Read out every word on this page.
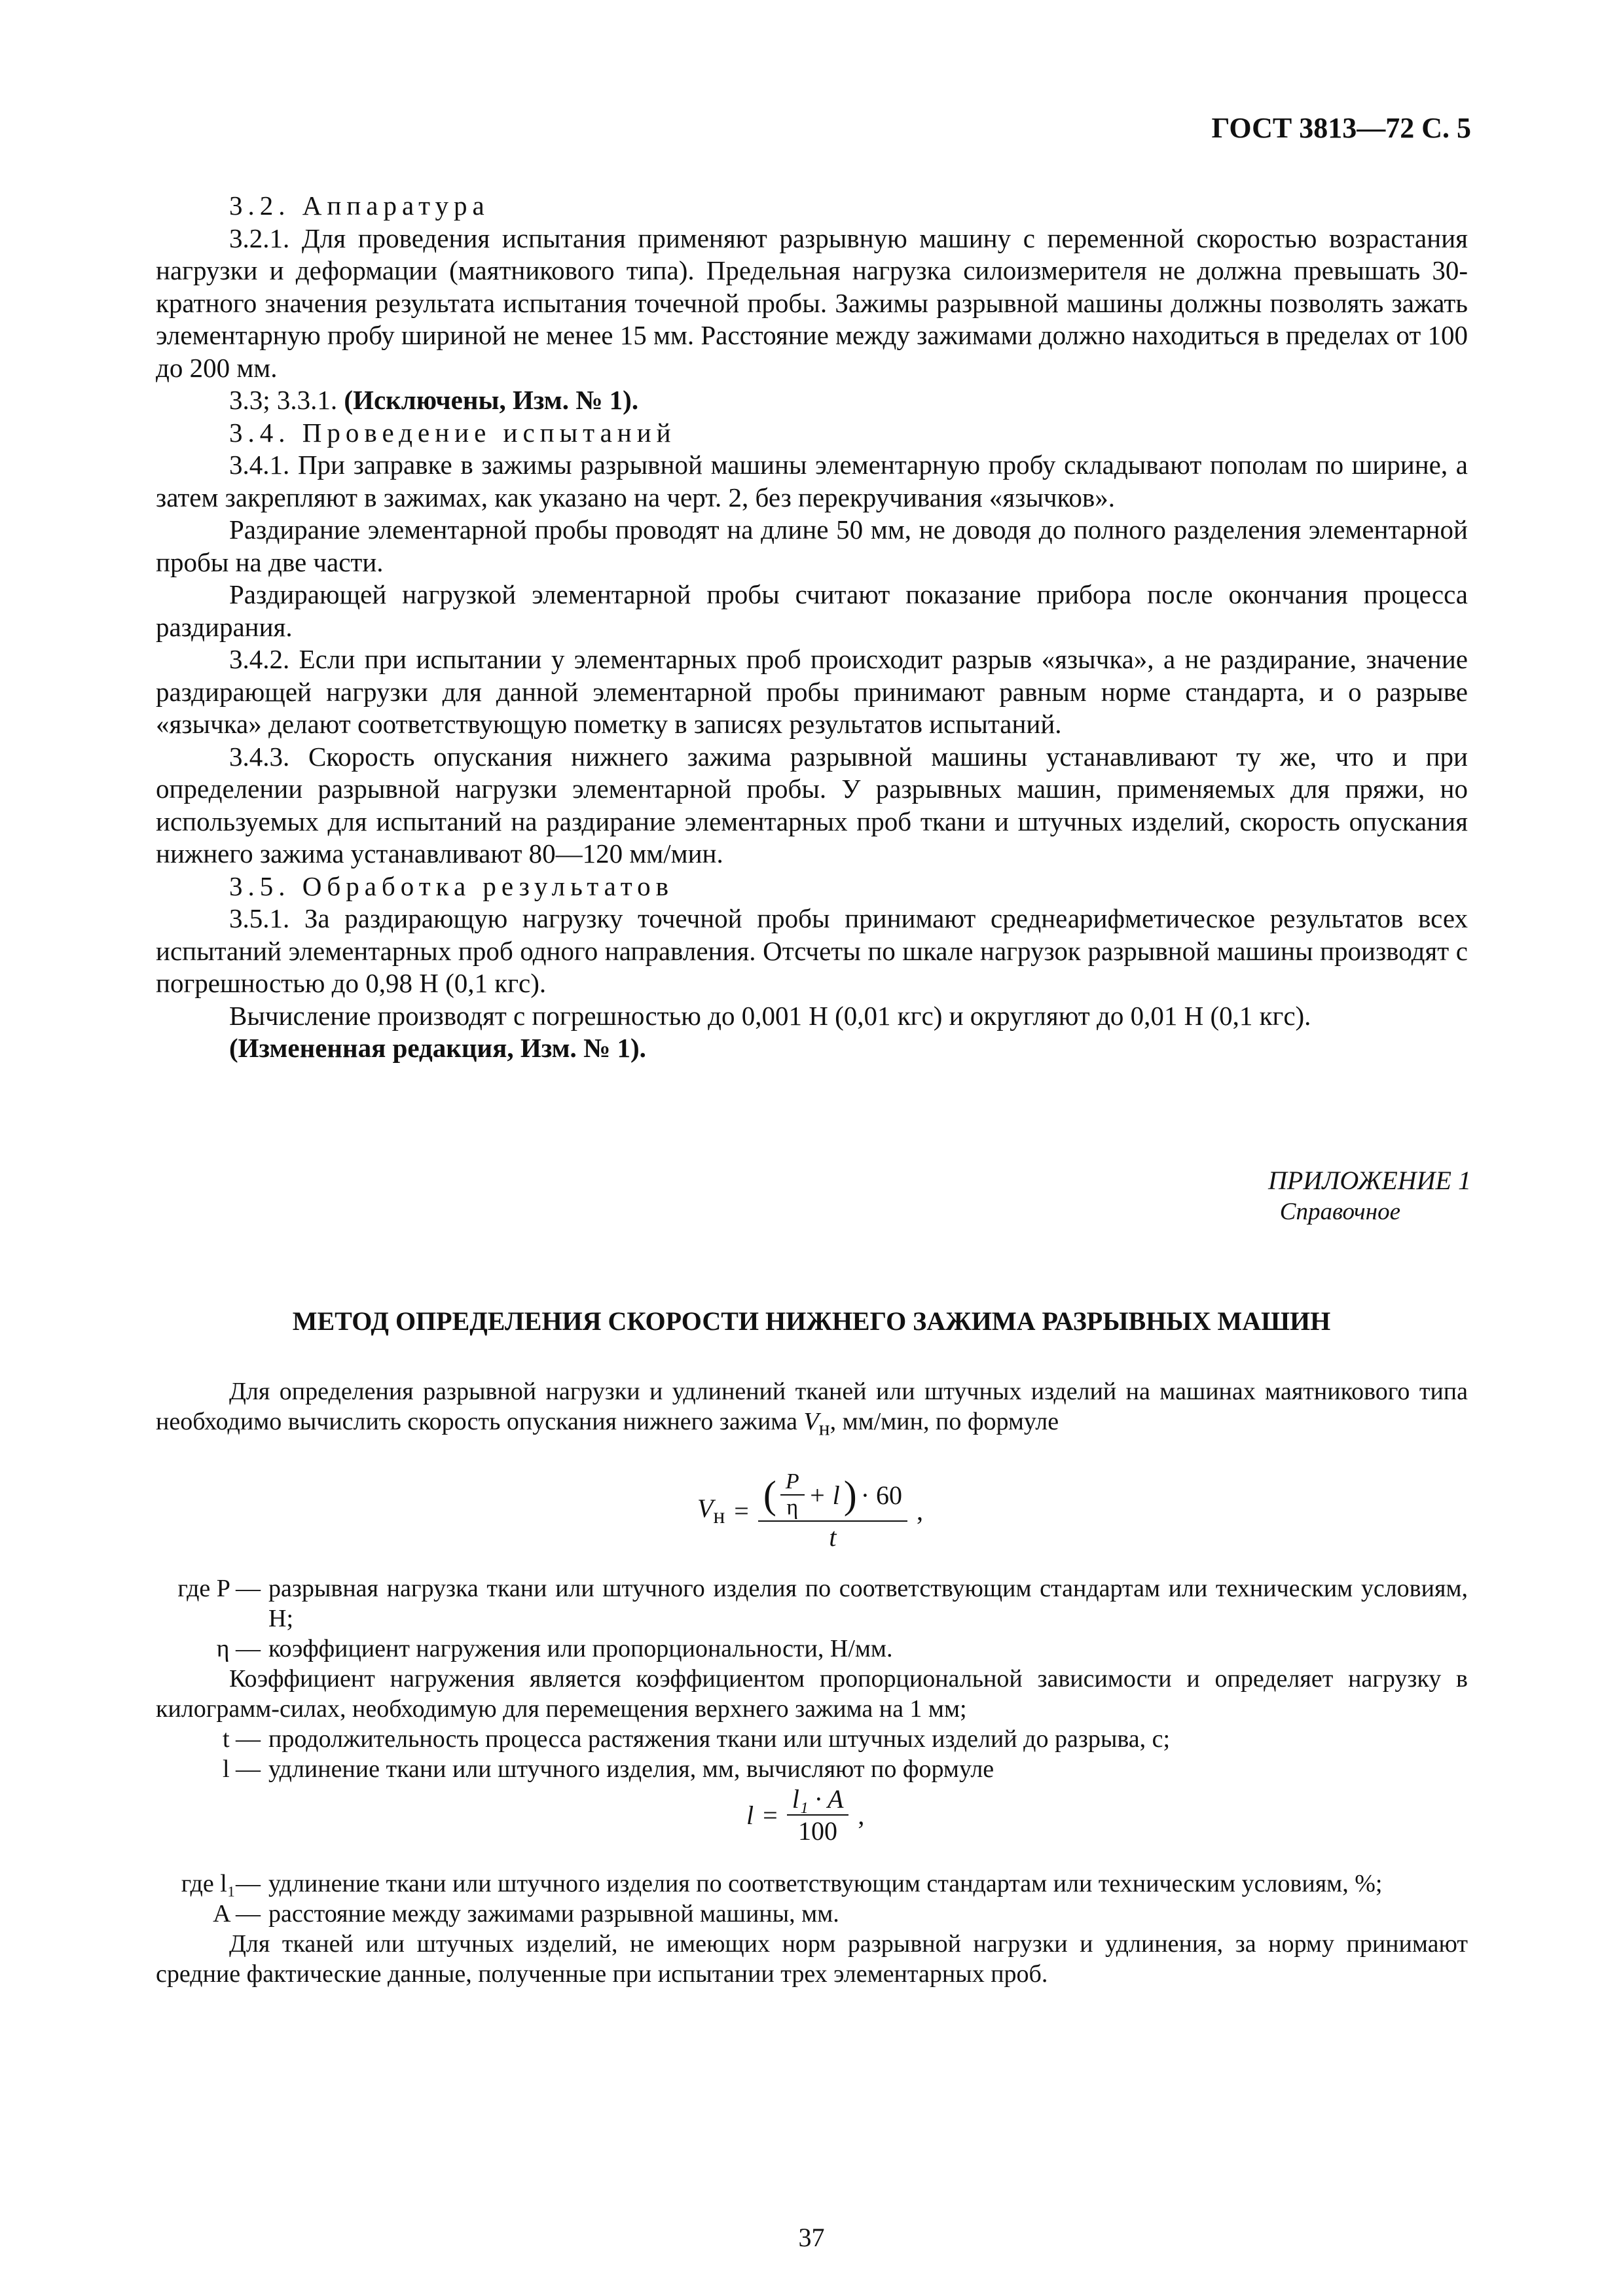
ГОСТ 3813—72 С. 5

3.2. Аппаратура

3.2.1. Для проведения испытания применяют разрывную машину с переменной скоростью возрастания нагрузки и деформации (маятникового типа). Предельная нагрузка силоизмерителя не должна превышать 30-кратного значения результата испытания точечной пробы. Зажимы разрывной машины должны позволять зажать элементарную пробу шириной не менее 15 мм. Расстояние между зажимами должно находиться в пределах от 100 до 200 мм.

3.3; 3.3.1. (Исключены, Изм. № 1).

3.4. Проведение испытаний

3.4.1. При заправке в зажимы разрывной машины элементарную пробу складывают пополам по ширине, а затем закрепляют в зажимах, как указано на черт. 2, без перекручивания «язычков».

Раздирание элементарной пробы проводят на длине 50 мм, не доводя до полного разделения элементарной пробы на две части.

Раздирающей нагрузкой элементарной пробы считают показание прибора после окончания процесса раздирания.

3.4.2. Если при испытании у элементарных проб происходит разрыв «язычка», а не раздирание, значение раздирающей нагрузки для данной элементарной пробы принимают равным норме стандарта, и о разрыве «язычка» делают соответствующую пометку в записях результатов испытаний.

3.4.3. Скорость опускания нижнего зажима разрывной машины устанавливают ту же, что и при определении разрывной нагрузки элементарной пробы. У разрывных машин, применяемых для пряжи, но используемых для испытаний на раздирание элементарных проб ткани и штучных изделий, скорость опускания нижнего зажима устанавливают 80—120 мм/мин.

3.5. Обработка результатов

3.5.1. За раздирающую нагрузку точечной пробы принимают среднеарифметическое результатов всех испытаний элементарных проб одного направления. Отсчеты по шкале нагрузок разрывной машины производят с погрешностью до 0,98 Н (0,1 кгс).

Вычисление производят с погрешностью до 0,001 Н (0,01 кгс) и округляют до 0,01 Н (0,1 кгс).

(Измененная редакция, Изм. № 1).

ПРИЛОЖЕНИЕ 1
Справочное
МЕТОД ОПРЕДЕЛЕНИЯ СКОРОСТИ НИЖНЕГО ЗАЖИМА РАЗРЫВНЫХ МАШИН

Для определения разрывной нагрузки и удлинений тканей или штучных изделий на машинах маятникового типа необходимо вычислить скорость опускания нижнего зажима $V_н$, мм/мин, по формуле

$V_н$ = ( $\frac{P}{\eta} + l$ ) · 60
t
,
где P — разрывная нагрузка ткани или штучного изделия по соответствующим стандартам или техническим условиям, Н;
η — коэффициент нагружения или пропорциональности, Н/мм.

Коэффициент нагружения является коэффициентом пропорциональной зависимости и определяет нагрузку в килограмм-силах, необходимую для перемещения верхнего зажима на 1 мм;

t — продолжительность процесса растяжения ткани или штучных изделий до разрыва, с;
l — удлинение ткани или штучного изделия, мм, вычисляют по формуле
$l = \frac{\text{l₁ · A}}{100}$ ,
где l₁— удлинение ткани или штучного изделия по соответствующим стандартам или техническим условиям, %;
A — расстояние между зажимами разрывной машины, мм.

Для тканей или штучных изделий, не имеющих норм разрывной нагрузки и удлинения, за норму принимают средние фактические данные, полученные при испытании трех элементарных проб.

37
